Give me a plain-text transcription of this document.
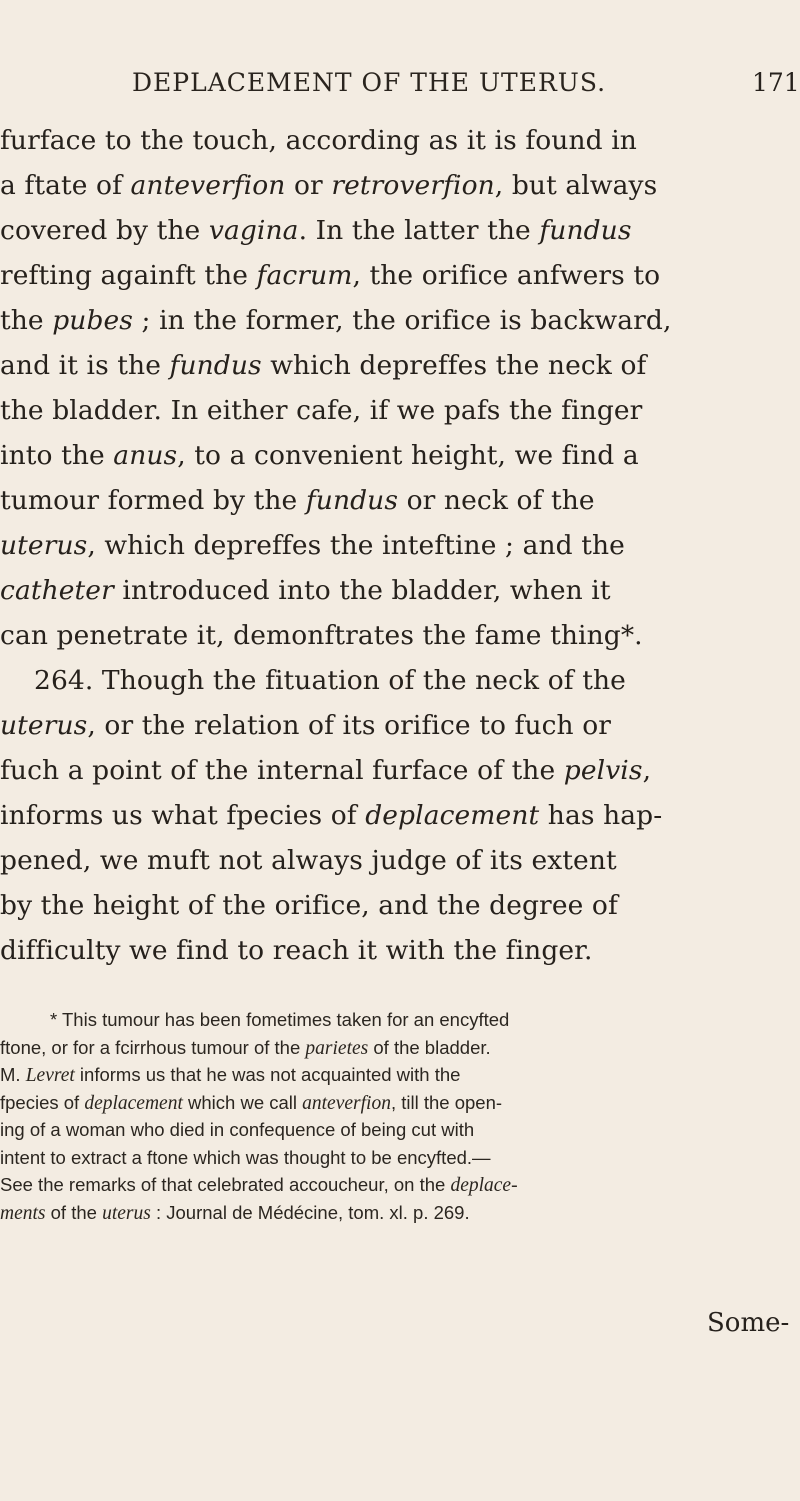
DEPLACEMENT OF THE UTERUS.	171
furface to the touch, according as it is found in
a ftate of anteverfion or retroverfion, but always
covered by the vagina. In the latter the fundus
refting againft the facrum, the orifice anfwers to
the pubes ; in the former, the orifice is backward,
and it is the fundus which depreffes the neck of
the bladder. In either cafe, if we pafs the finger
into the anus, to a convenient height, we find a
tumour formed by the fundus or neck of the
uterus, which depreffes the inteftine ; and the
catheter introduced into the bladder, when it
can penetrate it, demonftrates the fame thing*.
264. Though the fituation of the neck of the
uterus, or the relation of its orifice to fuch or
fuch a point of the internal furface of the pelvis,
informs us what fpecies of deplacement has hap-
pened, we muft not always judge of its extent
by the height of the orifice, and the degree of
difficulty we find to reach it with the finger.
* This tumour has been fometimes taken for an encyfted
ftone, or for a fcirrhous tumour of the parietes of the bladder.
M. Levret informs us that he was not acquainted with the
fpecies of deplacement which we call anteverfion, till the open-
ing of a woman who died in confequence of being cut with
intent to extract a ftone which was thought to be encyfted.—
See the remarks of that celebrated accoucheur, on the deplace-
ments of the uterus : Journal de Médécine, tom. xl. p. 269.
Some-
